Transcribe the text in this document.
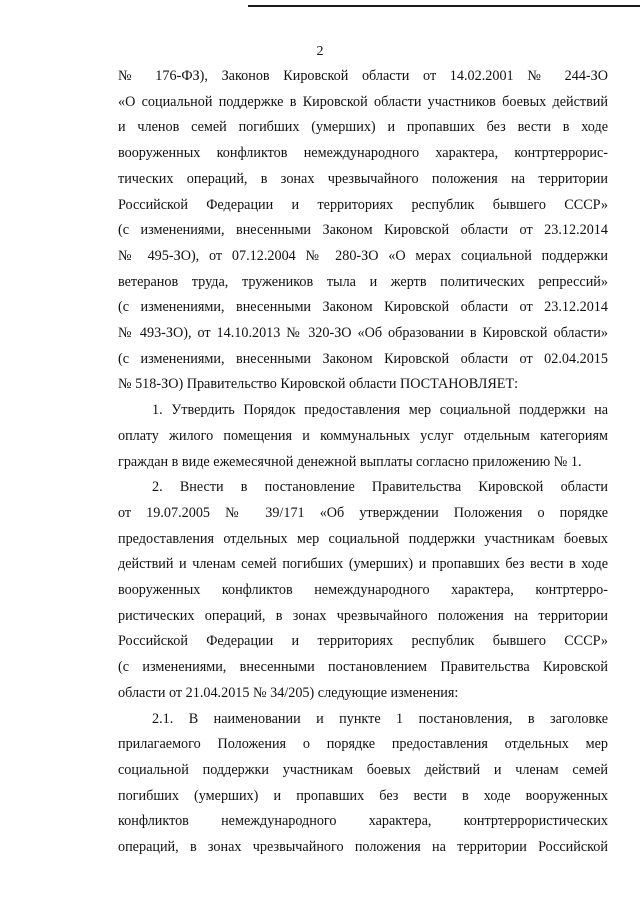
2
№ 176-ФЗ), Законов Кировской области от 14.02.2001 № 244-ЗО
«О социальной поддержке в Кировской области участников боевых действий
и членов семей погибших (умерших) и пропавших без вести в ходе
вооруженных конфликтов немеждународного характера, контртеррорис-
тических операций, в зонах чрезвычайного положения на территории
Российской Федерации и территориях республик бывшего СССР»
(с изменениями, внесенными Законом Кировской области от 23.12.2014
№ 495-ЗО), от 07.12.2004 № 280-ЗО «О мерах социальной поддержки
ветеранов труда, тружеников тыла и жертв политических репрессий»
(с изменениями, внесенными Законом Кировской области от 23.12.2014
№ 493-ЗО), от 14.10.2013 № 320-ЗО «Об образовании в Кировской области»
(с изменениями, внесенными Законом Кировской области от 02.04.2015
№ 518-ЗО) Правительство Кировской области ПОСТАНОВЛЯЕТ:
1. Утвердить Порядок предоставления мер социальной поддержки на
оплату жилого помещения и коммунальных услуг отдельным категориям
граждан в виде ежемесячной денежной выплаты согласно приложению № 1.
2. Внести в постановление Правительства Кировской области
от 19.07.2005 № 39/171 «Об утверждении Положения о порядке
предоставления отдельных мер социальной поддержки участникам боевых
действий и членам семей погибших (умерших) и пропавших без вести в ходе
вооруженных конфликтов немеждународного характера, контртерро-
ристических операций, в зонах чрезвычайного положения на территории
Российской Федерации и территориях республик бывшего СССР»
(с изменениями, внесенными постановлением Правительства Кировской
области от 21.04.2015 № 34/205) следующие изменения:
2.1. В наименовании и пункте 1 постановления, в заголовке
прилагаемого Положения о порядке предоставления отдельных мер
социальной поддержки участникам боевых действий и членам семей
погибших (умерших) и пропавших без вести в ходе вооруженных
конфликтов немеждународного характера, контртеррористических
операций, в зонах чрезвычайного положения на территории Российской
